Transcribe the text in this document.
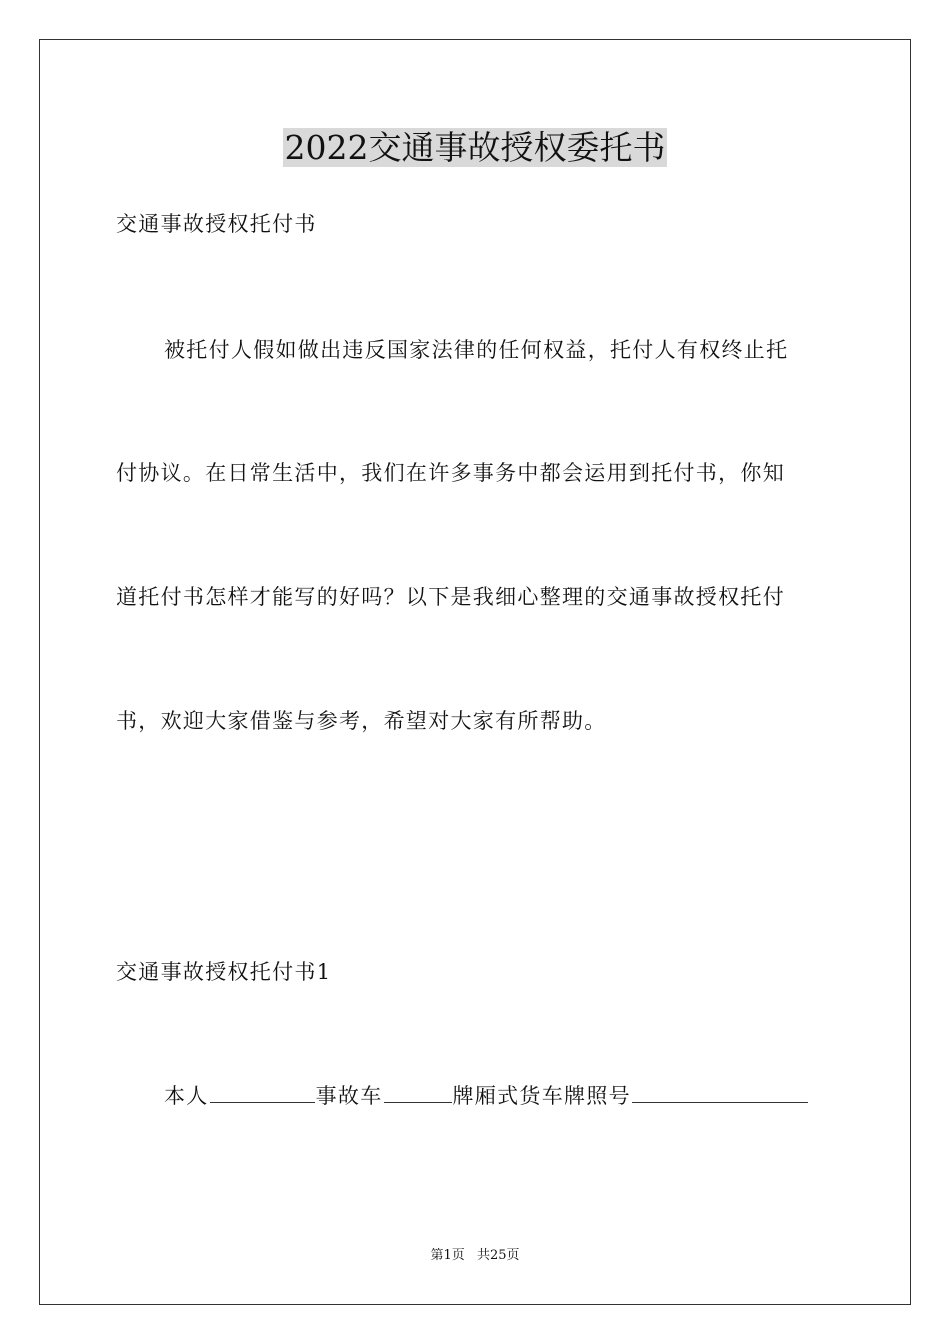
2022交通事故授权委托书
交通事故授权托付书
被托付人假如做出违反国家法律的任何权益，托付人有权终止托
付协议。在日常生活中，我们在许多事务中都会运用到托付书，你知
道托付书怎样才能写的好吗？以下是我细心整理的交通事故授权托付
书，欢迎大家借鉴与参考，希望对大家有所帮助。
交通事故授权托付书1
本人	事故车	牌厢式货车牌照号
第1页 共25页
